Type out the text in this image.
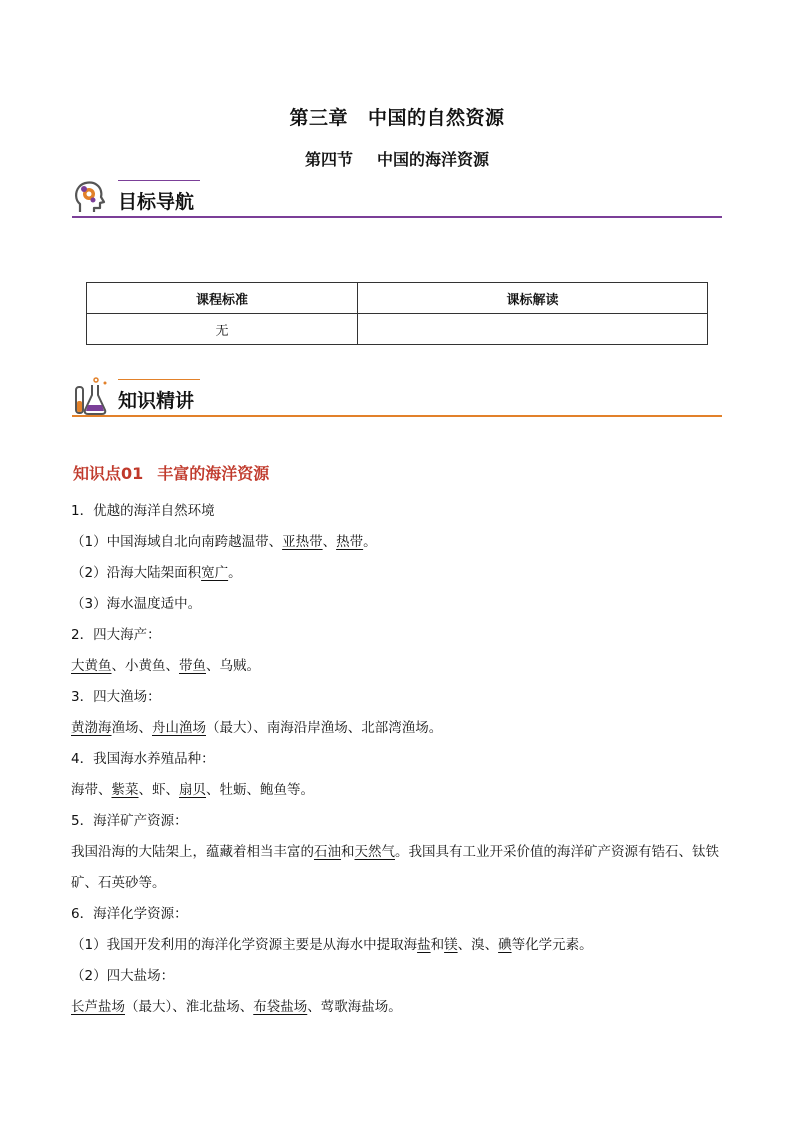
第三章 中国的自然资源
第四节 中国的海洋资源
目标导航
课程标准	课标解读
无	
知识精讲
知识点01 丰富的海洋资源

1．优越的海洋自然环境

（1）中国海域自北向南跨越温带、亚热带、热带。

（2）沿海大陆架面积宽广。

（3）海水温度适中。

2．四大海产：

大黄鱼、小黄鱼、带鱼、乌贼。

3．四大渔场：

黄渤海渔场、舟山渔场（最大）、南海沿岸渔场、北部湾渔场。

4．我国海水养殖品种：

海带、紫菜、虾、扇贝、牡蛎、鲍鱼等。

5．海洋矿产资源：

我国沿海的大陆架上，蕴藏着相当丰富的石油和天然气。我国具有工业开采价值的海洋矿产资源有锆石、钛铁矿、石英砂等。

6．海洋化学资源：

（1）我国开发利用的海洋化学资源主要是从海水中提取海盐和镁、溴、碘等化学元素。

（2）四大盐场：

长芦盐场（最大）、淮北盐场、布袋盐场、莺歌海盐场。
